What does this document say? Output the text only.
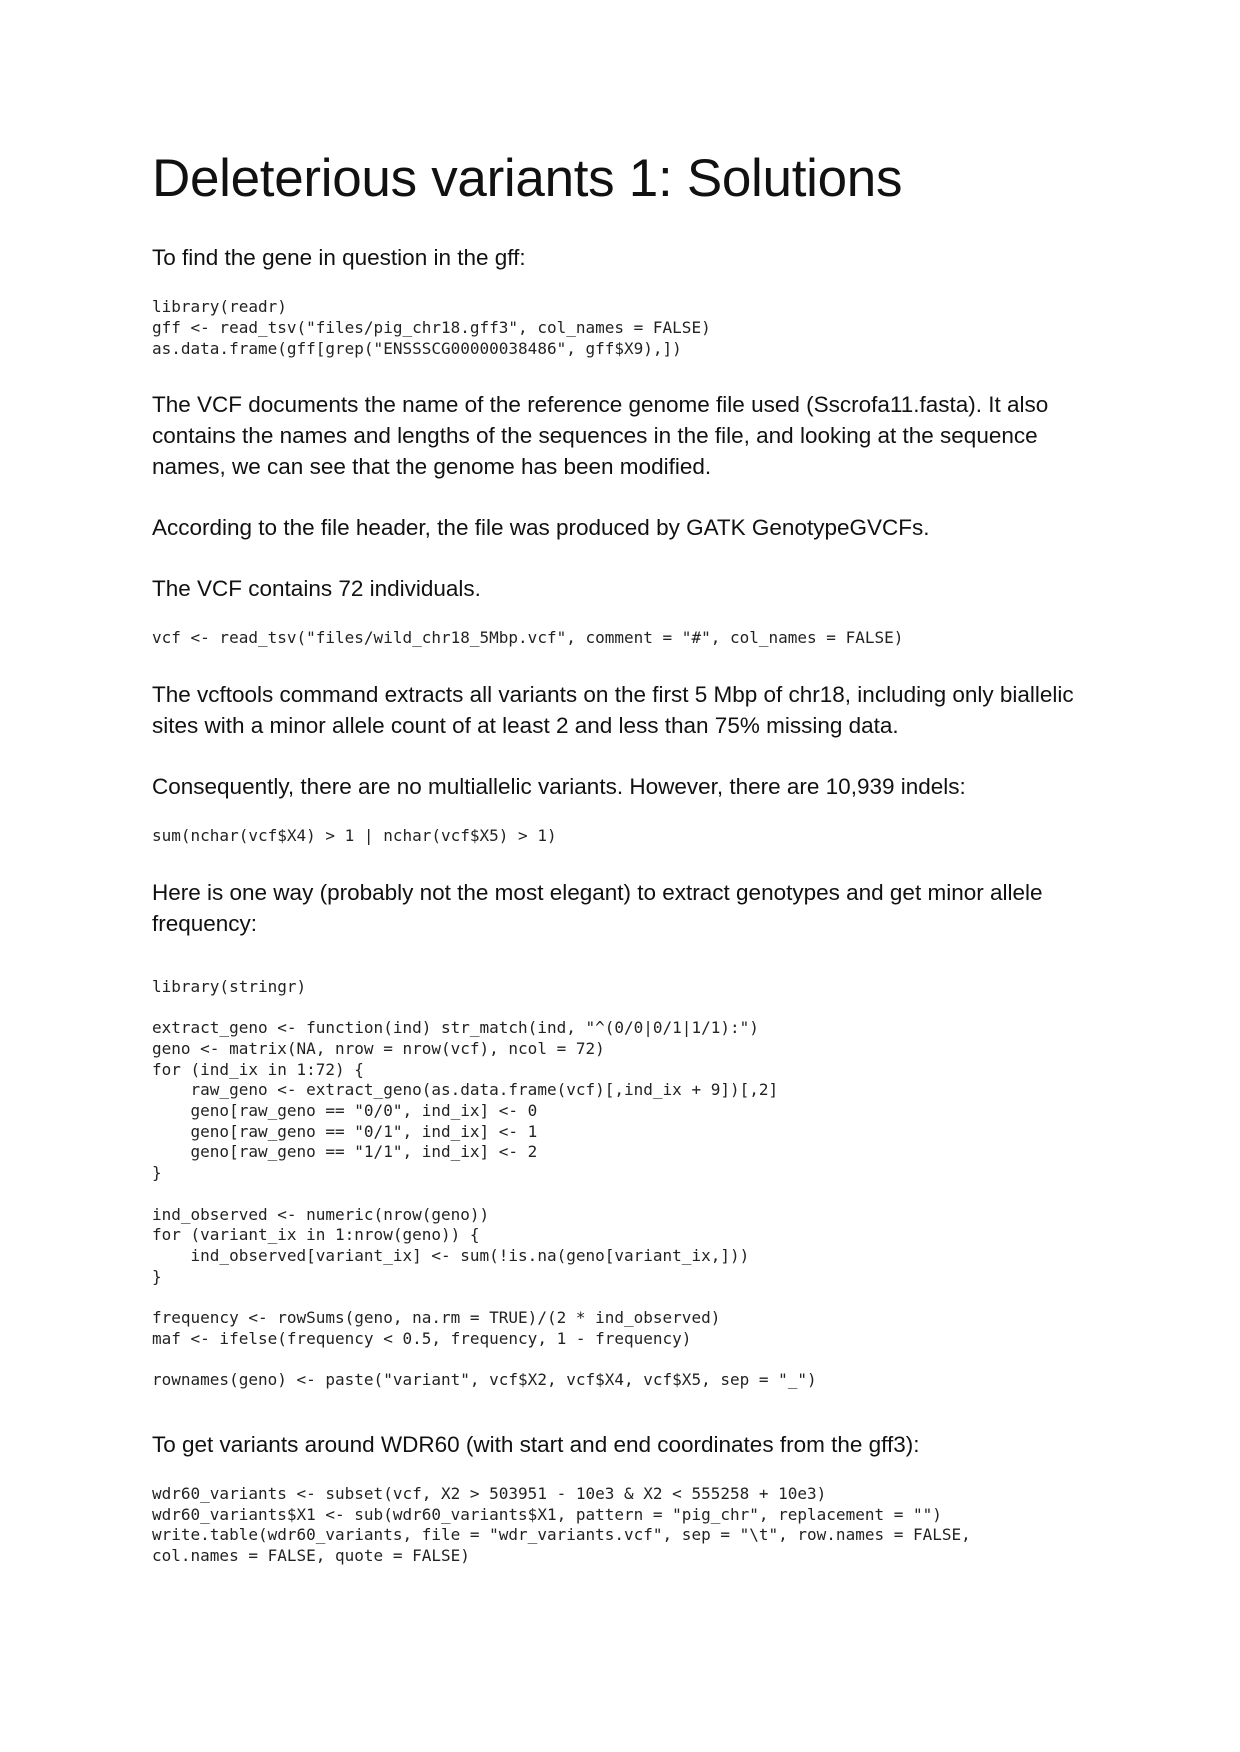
Deleterious variants 1: Solutions

To find the gene in question in the gff:

library(readr)
gff <- read_tsv("files/pig_chr18.gff3", col_names = FALSE)
as.data.frame(gff[grep("ENSSSCG00000038486", gff$X9),])

The VCF documents the name of the reference genome file used (Sscrofa11.fasta). It also contains the names and lengths of the sequences in the file, and looking at the sequence names, we can see that the genome has been modified.

According to the file header, the file was produced by GATK GenotypeGVCFs.

The VCF contains 72 individuals.

vcf <- read_tsv("files/wild_chr18_5Mbp.vcf", comment = "#", col_names = FALSE)

The vcftools command extracts all variants on the first 5 Mbp of chr18, including only biallelic sites with a minor allele count of at least 2 and less than 75% missing data.

Consequently, there are no multiallelic variants. However, there are 10,939 indels:

sum(nchar(vcf$X4) > 1 | nchar(vcf$X5) > 1)

Here is one way (probably not the most elegant) to extract genotypes and get minor allele frequency:

library(stringr)

extract_geno <- function(ind) str_match(ind, "^(0/0|0/1|1/1):")
geno <- matrix(NA, nrow = nrow(vcf), ncol = 72)
for (ind_ix in 1:72) {
raw_geno <- extract_geno(as.data.frame(vcf)[,ind_ix + 9])[,2]
geno[raw_geno == "0/0", ind_ix] <- 0
geno[raw_geno == "0/1", ind_ix] <- 1
geno[raw_geno == "1/1", ind_ix] <- 2
}

ind_observed <- numeric(nrow(geno))
for (variant_ix in 1:nrow(geno)) {
ind_observed[variant_ix] <- sum(!is.na(geno[variant_ix,]))
}

frequency <- rowSums(geno, na.rm = TRUE)/(2 * ind_observed)
maf <- ifelse(frequency < 0.5, frequency, 1 - frequency)

rownames(geno) <- paste("variant", vcf$X2, vcf$X4, vcf$X5, sep = "_")

To get variants around WDR60 (with start and end coordinates from the gff3):

wdr60_variants <- subset(vcf, X2 > 503951 - 10e3 & X2 < 555258 + 10e3)
wdr60_variants$X1 <- sub(wdr60_variants$X1, pattern = "pig_chr", replacement = "")
write.table(wdr60_variants, file = "wdr_variants.vcf", sep = "\t", row.names = FALSE,
col.names = FALSE, quote = FALSE)
